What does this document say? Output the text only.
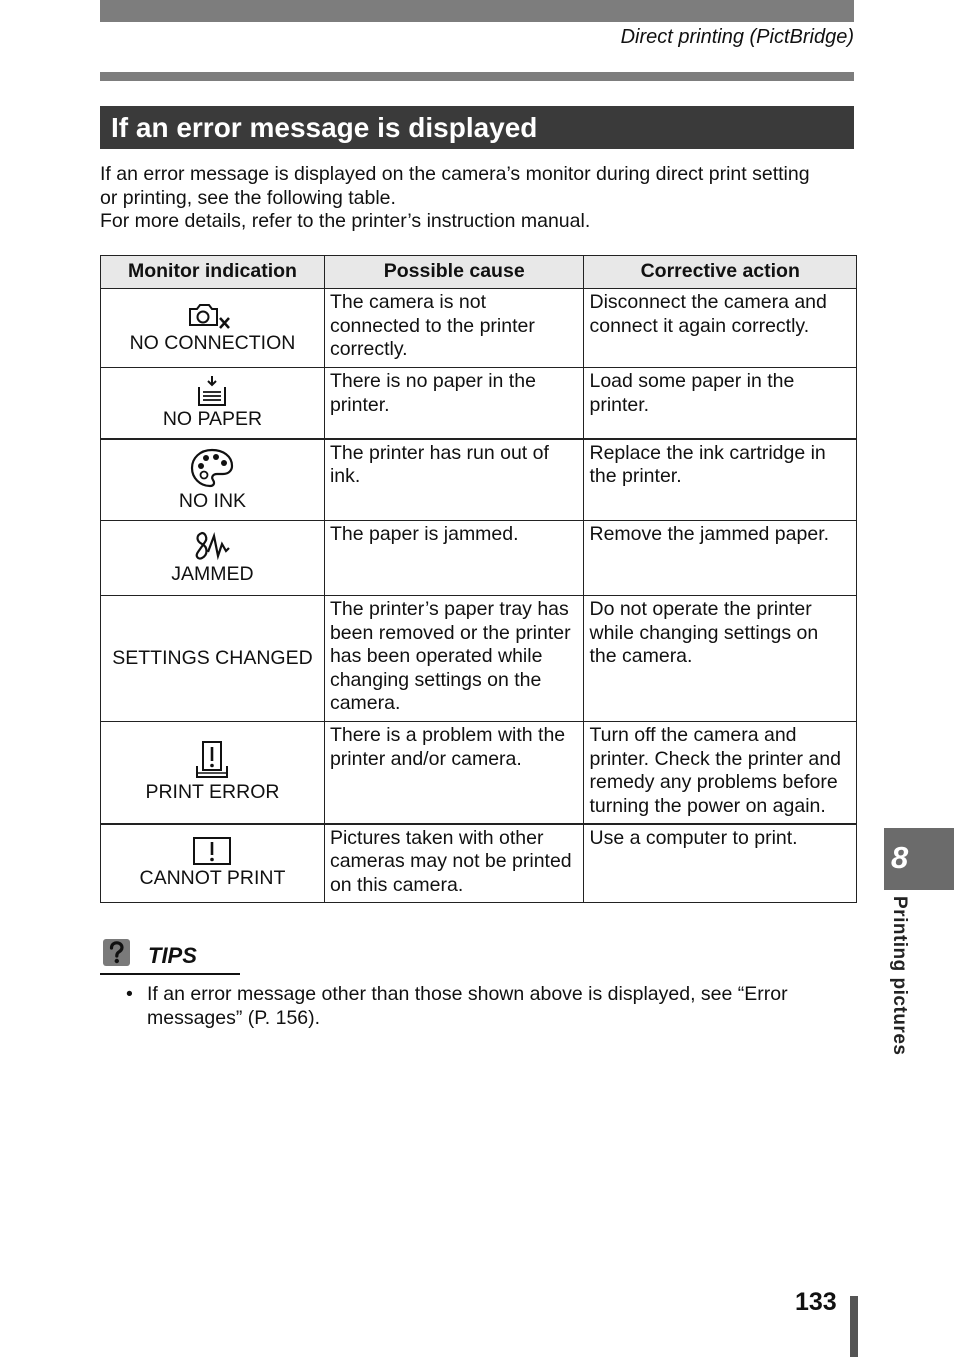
Direct printing (PictBridge)
If an error message is displayed

If an error message is displayed on the camera’s monitor during direct print setting

or printing, see the following table.

For more details, refer to the printer’s instruction manual.

Monitor indication	Possible cause	Corrective action

NO CONNECTION	The camera is not connected to the printer correctly.	Disconnect the camera and connect it again correctly.

NO PAPER	There is no paper in the printer.	Load some paper in the printer.

NO INK	The printer has run out of ink.	Replace the ink cartridge in the printer.

JAMMED	The paper is jammed.	Remove the jammed paper.

SETTINGS CHANGED	The printer’s paper tray has been removed or the printer has been operated while changing settings on the camera.	Do not operate the printer while changing settings on the camera.

PRINT ERROR	There is a problem with the printer and/or camera.	Turn off the camera and printer. Check the printer and remedy any problems before turning the power on again.

CANNOT PRINT	Pictures taken with other cameras may not be printed on this camera.	Use a computer to print.
TIPS
• If an error message other than those shown above is displayed, see “Error messages” (P. 156).
8
Printing pictures
133
